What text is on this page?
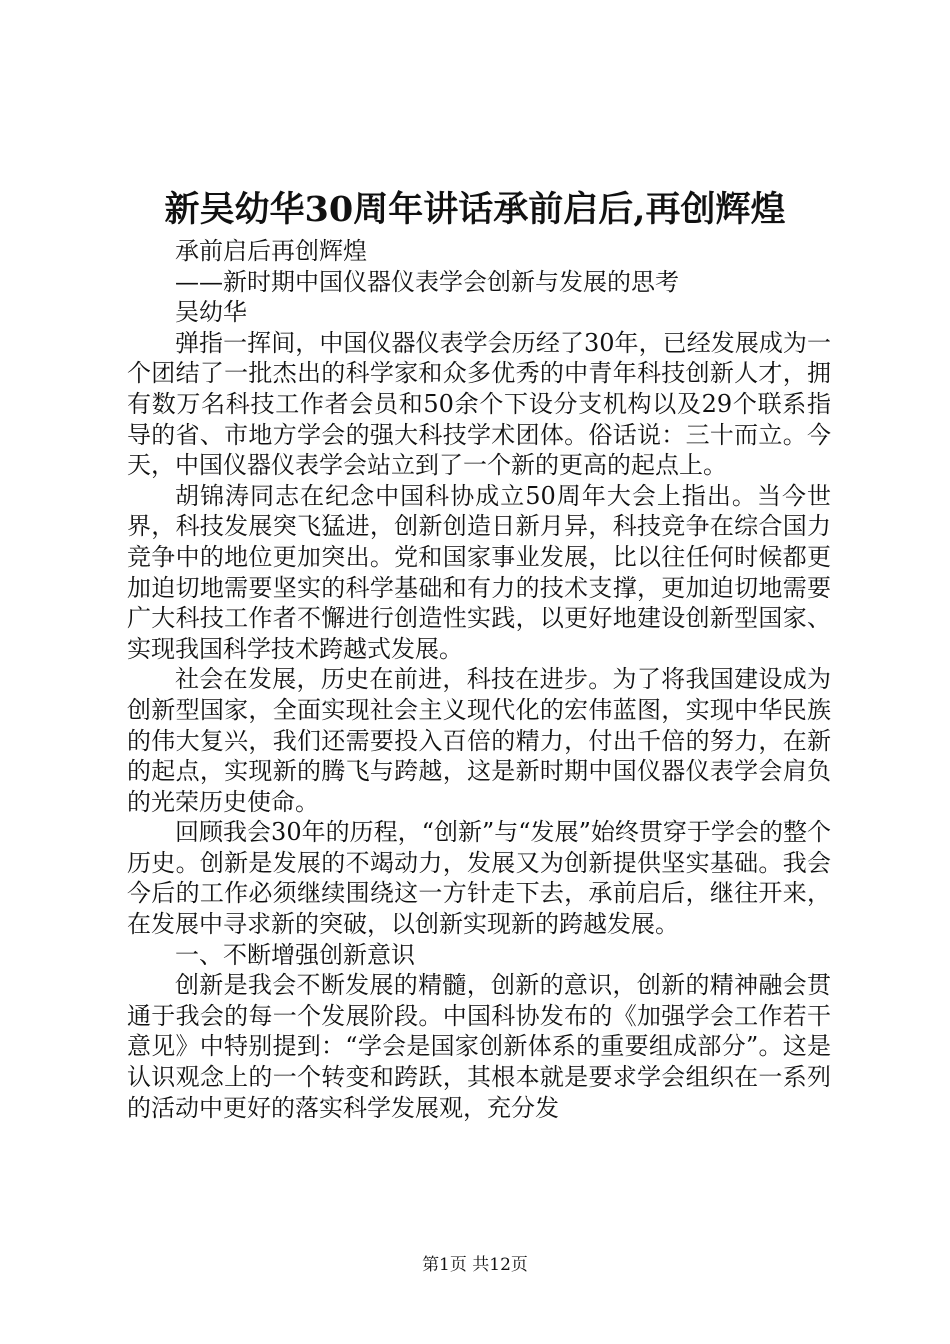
新吴幼华30周年讲话承前启后,再创辉煌

承前启后再创辉煌

——新时期中国仪器仪表学会创新与发展的思考

吴幼华

弹指一挥间，中国仪器仪表学会历经了30年，已经发展成为一个团结了一批杰出的科学家和众多优秀的中青年科技创新人才，拥有数万名科技工作者会员和50余个下设分支机构以及29个联系指导的省、市地方学会的强大科技学术团体。俗话说：三十而立。今天，中国仪器仪表学会站立到了一个新的更高的起点上。

胡锦涛同志在纪念中国科协成立50周年大会上指出。当今世界，科技发展突飞猛进，创新创造日新月异，科技竞争在综合国力竞争中的地位更加突出。党和国家事业发展，比以往任何时候都更加迫切地需要坚实的科学基础和有力的技术支撑，更加迫切地需要广大科技工作者不懈进行创造性实践，以更好地建设创新型国家、实现我国科学技术跨越式发展。

社会在发展，历史在前进，科技在进步。为了将我国建设成为创新型国家，全面实现社会主义现代化的宏伟蓝图，实现中华民族的伟大复兴，我们还需要投入百倍的精力，付出千倍的努力，在新的起点，实现新的腾飞与跨越，这是新时期中国仪器仪表学会肩负的光荣历史使命。

回顾我会30年的历程，“创新”与“发展”始终贯穿于学会的整个历史。创新是发展的不竭动力，发展又为创新提供坚实基础。我会今后的工作必须继续围绕这一方针走下去，承前启后，继往开来，在发展中寻求新的突破，以创新实现新的跨越发展。

一、不断增强创新意识

创新是我会不断发展的精髓，创新的意识，创新的精神融会贯通于我会的每一个发展阶段。中国科协发布的《加强学会工作若干意见》中特别提到：“学会是国家创新体系的重要组成部分”。这是认识观念上的一个转变和跨跃，其根本就是要求学会组织在一系列的活动中更好的落实科学发展观，充分发

第1页 共12页
